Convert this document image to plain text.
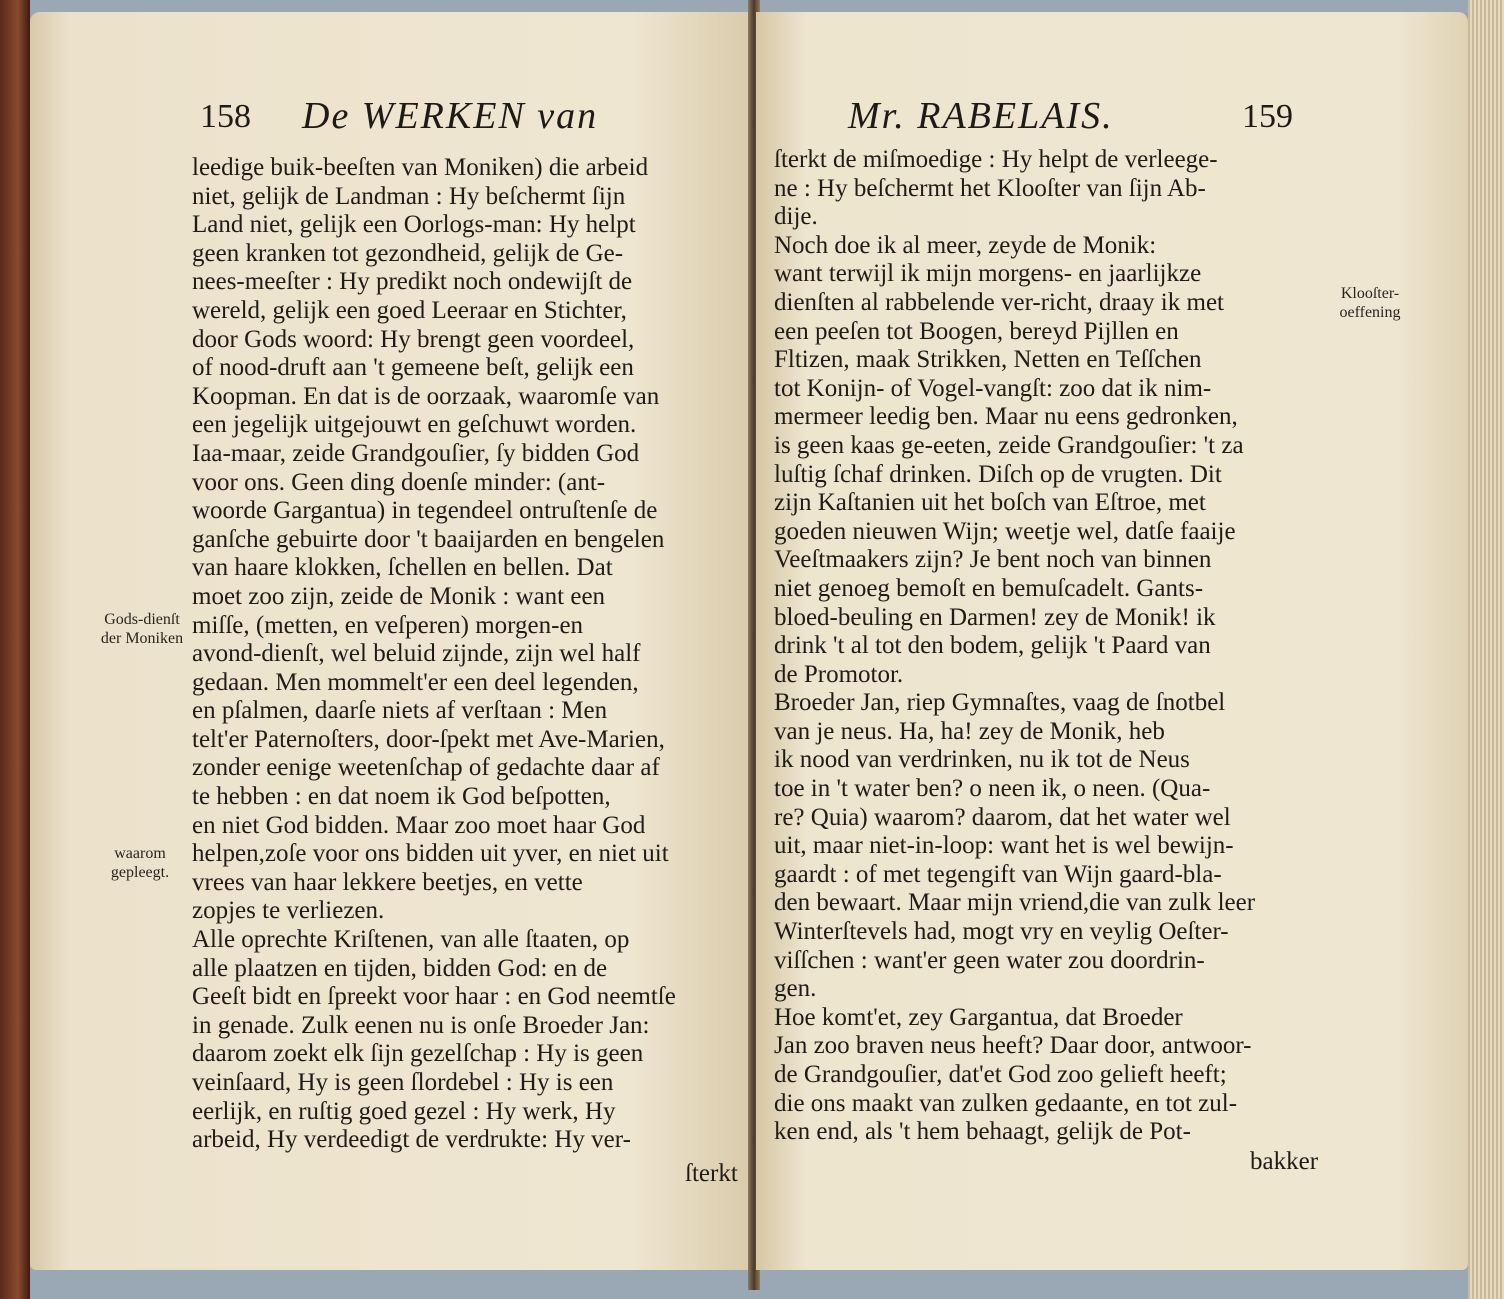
158 De WERKEN van
leedige buik-beeſten van Moniken) die arbeid
niet, gelijk de Landman : Hy beſchermt ſijn
Land niet, gelijk een Oorlogs-man: Hy helpt
geen kranken tot gezondheid, gelijk de Ge-
nees-meeſter : Hy predikt noch ondewijſt de
wereld, gelijk een goed Leeraar en Stichter,
door Gods woord: Hy brengt geen voordeel,
of nood-druft aan 't gemeene beſt, gelijk een
Koopman. En dat is de oorzaak, waaromſe van
een jegelijk uitgejouwt en geſchuwt worden.
Iaa-maar, zeide Grandgouſier, ſy bidden God
voor ons. Geen ding doenſe minder: (ant-
woorde Gargantua) in tegendeel ontruſtenſe de
ganſche gebuirte door 't baaijarden en bengelen
van haare klokken, ſchellen en bellen. Dat
moet zoo zijn, zeide de Monik : want een
miſſe, (metten, en veſperen) morgen-en
avond-dienſt, wel beluid zijnde, zijn wel half
gedaan. Men mommelt'er een deel legenden,
en pſalmen, daarſe niets af verſtaan : Men
telt'er Paternoſters, door-ſpekt met Ave-Marien,
zonder eenige weetenſchap of gedachte daar af
te hebben : en dat noem ik God beſpotten,
en niet God bidden. Maar zoo moet haar God
helpen,zoſe voor ons bidden uit yver, en niet uit
vrees van haar lekkere beetjes, en vette
zopjes te verliezen.
Alle oprechte Kriſtenen, van alle ſtaaten, op
alle plaatzen en tijden, bidden God: en de
Geeſt bidt en ſpreekt voor haar : en God neemtſe
in genade. Zulk eenen nu is onſe Broeder Jan:
daarom zoekt elk ſijn gezelſchap : Hy is geen
veinſaard, Hy is geen ſlordebel : Hy is een
eerlijk, en ruſtig goed gezel : Hy werk, Hy
arbeid, Hy verdeedigt de verdrukte: Hy ver-
ſterkt
Gods-dienſt der Moniken
waarom gepleegt.
Mr. RABELAIS.	159
ſterkt de miſmoedige : Hy helpt de verleege-
ne : Hy beſchermt het Klooſter van ſijn Ab-
dije.
Noch doe ik al meer, zeyde de Monik:
want terwijl ik mijn morgens- en jaarlijkze
dienſten al rabbelende ver-richt, draay ik met
een peeſen tot Boogen, bereyd Pijllen en
Fltizen, maak Strikken, Netten en Teſſchen
tot Konijn- of Vogel-vangſt: zoo dat ik nim-
mermeer leedig ben. Maar nu eens gedronken,
is geen kaas ge-eeten, zeide Grandgouſier: 't za
luſtig ſchaf drinken. Diſch op de vrugten. Dit
zijn Kaſtanien uit het boſch van Eſtroe, met
goeden nieuwen Wijn; weetje wel, datſe faaije
Veeſtmaakers zijn? Je bent noch van binnen
niet genoeg bemoſt en bemuſcadelt. Gants-
bloed-beuling en Darmen! zey de Monik! ik
drink 't al tot den bodem, gelijk 't Paard van
de Promotor.
Broeder Jan, riep Gymnaſtes, vaag de ſnotbel
van je neus. Ha, ha! zey de Monik, heb
ik nood van verdrinken, nu ik tot de Neus
toe in 't water ben? o neen ik, o neen. (Qua-
re? Quia) waarom? daarom, dat het water wel
uit, maar niet-in-loop: want het is wel bewijn-
gaardt : of met tegengift van Wijn gaard-bla-
den bewaart. Maar mijn vriend,die van zulk leer
Winterſtevels had, mogt vry en veylig Oeſter-
viſſchen : want'er geen water zou doordrin-
gen.
Hoe komt'et, zey Gargantua, dat Broeder
Jan zoo braven neus heeft? Daar door, antwoor-
de Grandgouſier, dat'et God zoo gelieft heeft;
die ons maakt van zulken gedaante, en tot zul-
ken end, als 't hem behaagt, gelijk de Pot-
bakker
Klooſter-oeffening
